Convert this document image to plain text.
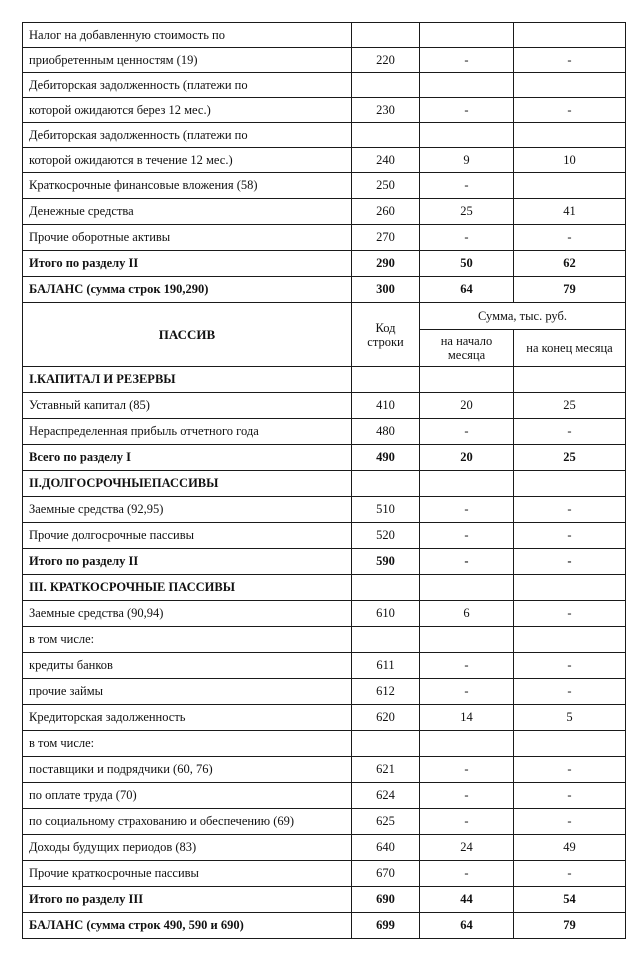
Налог на добавленную стоимость по			
приобретенным ценностям (19)	220	-	-
Дебиторская задолженность (платежи по			
которой ожидаются берез 12 мес.)	230	-	-
Дебиторская задолженность (платежи по			
которой ожидаются в течение 12 мес.)	240	9	10
Краткосрочные финансовые вложения (58)	250	-	
Денежные средства	260	25	41
Прочие оборотные активы	270	-	-
Итого по разделу II	290	50	62
БАЛАНС (сумма строк 190,290)	300	64	79
ПАССИВ	Код строки	Сумма, тыс. руб.	
		на начало месяца	на конец месяца
I.КАПИТАЛ И РЕЗЕРВЫ			
Уставный капитал (85)	410	20	25
Нераспределенная прибыль отчетного года	480	-	-
Всего по разделу I	490	20	25
II.ДОЛГОСРОЧНЫЕПАССИВЫ			
Заемные средства (92,95)	510	-	-
Прочие долгосрочные пассивы	520	-	-
Итого по разделу II	590	-	-
III. КРАТКОСРОЧНЫЕ ПАССИВЫ			
Заемные средства (90,94)	610	6	-
в том числе:			
кредиты банков	611	-	-
прочие займы	612	-	-
Кредиторская задолженность	620	14	5
в том числе:			
поставщики и подрядчики (60, 76)	621	-	-
по оплате труда (70)	624	-	-
по социальному страхованию и обеспечению (69)	625	-	-
Доходы будущих периодов (83)	640	24	49
Прочие краткосрочные пассивы	670	-	-
Итого по разделу III	690	44	54
БАЛАНС (сумма строк 490, 590 и 690)	699	64	79
